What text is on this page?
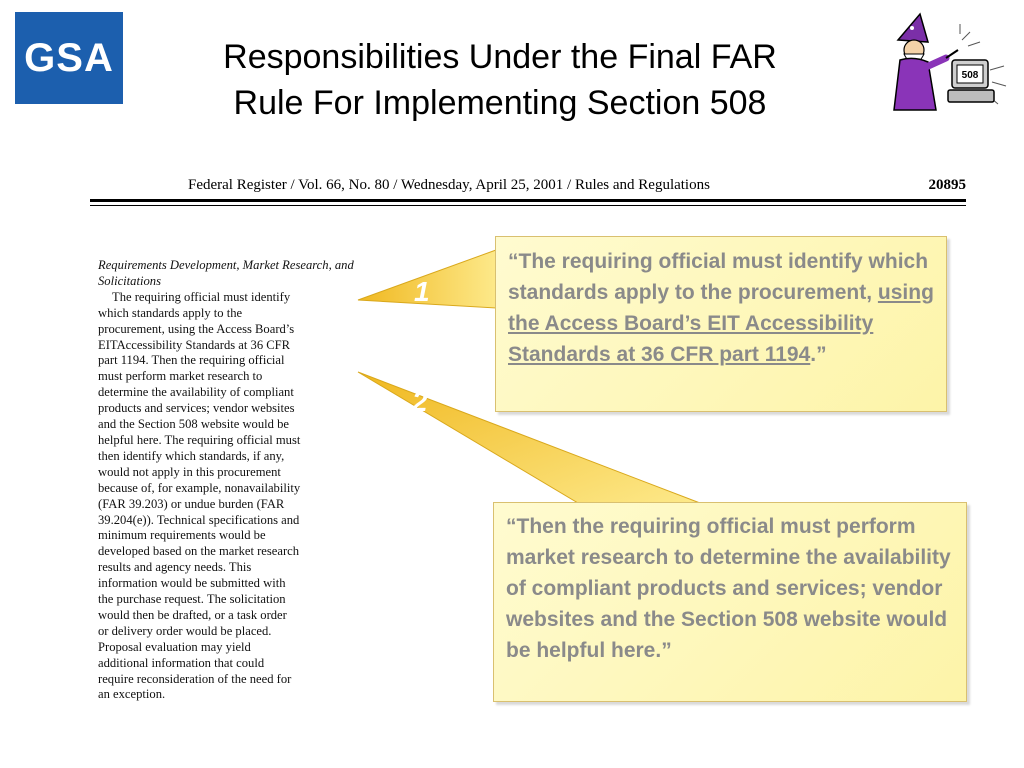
GSA	Responsibilities Under the Final FAR
Rule For Implementing Section 508
508
Federal Register / Vol. 66, No. 80 / Wednesday, April 25, 2001 / Rules and Regulations	20895
Requirements Development, Market Research, and Solicitations
The requiring official must identify
which standards apply to the
procurement, using the Access Board’s
EITAccessibility Standards at 36 CFR
part 1194. Then the requiring official
must perform market research to
determine the availability of compliant
products and services; vendor websites
and the Section 508 website would be
helpful here. The requiring official must
then identify which standards, if any,
would not apply in this procurement
because of, for example, nonavailability
(FAR 39.203) or undue burden (FAR
39.204(e)). Technical specifications and
minimum requirements would be
developed based on the market research
results and agency needs. This
information would be submitted with
the purchase request. The solicitation
would then be drafted, or a task order
or delivery order would be placed.
Proposal evaluation may yield
additional information that could
require reconsideration of the need for
an exception.
1
2
“The requiring official must identify which standards apply to the procurement, using the Access Board’s EIT Accessibility Standards at 36 CFR part 1194.”
“Then the requiring official must perform market research to determine the availability of compliant products and services; vendor websites and the Section 508 website would be helpful here.”
